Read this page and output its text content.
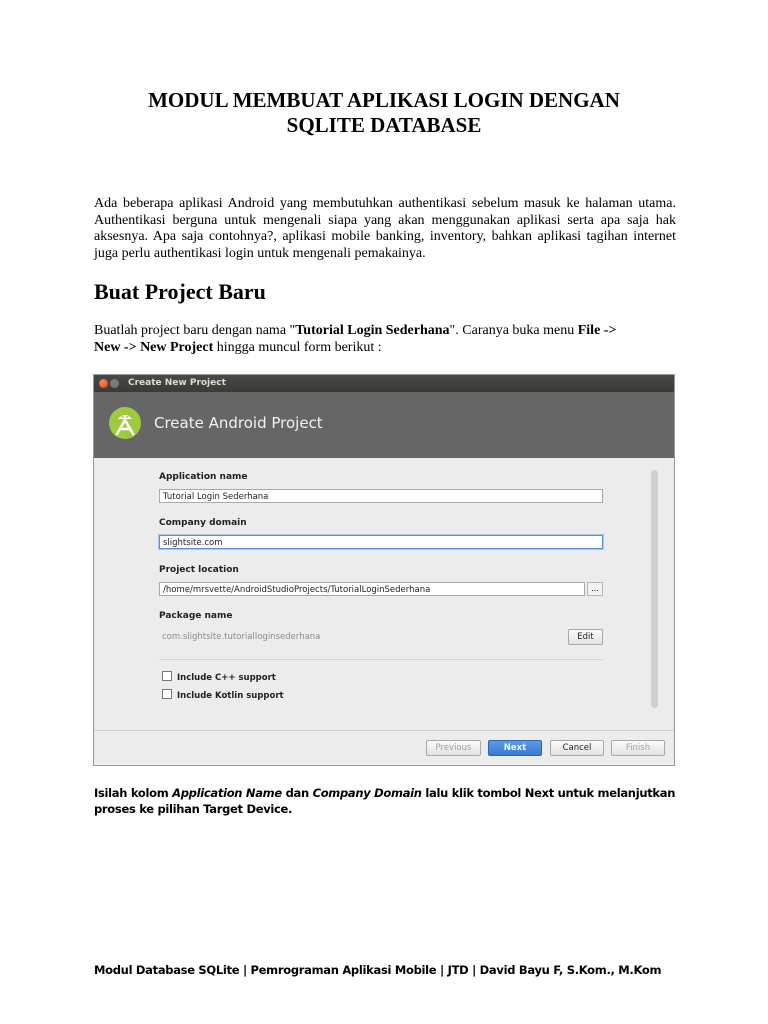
MODUL MEMBUAT APLIKASI LOGIN DENGAN
SQLITE DATABASE
Ada beberapa aplikasi Android yang membutuhkan authentikasi sebelum masuk ke halaman utama. Authentikasi berguna untuk mengenali siapa yang akan menggunakan aplikasi serta apa saja hak aksesnya. Apa saja contohnya?, aplikasi mobile banking, inventory, bahkan aplikasi tagihan internet juga perlu authentikasi login untuk mengenali pemakainya.
Buat Project Baru
Buatlah project baru dengan nama "Tutorial Login Sederhana". Caranya buka menu File ->
New -> New Project hingga muncul form berikut :
Create New Project
Create Android Project
Application name
Tutorial Login Sederhana
Company domain
slightsite.com
Project location
/home/mrsvette/AndroidStudioProjects/TutorialLoginSederhana	...
Package name
com.slightsite.tutorialloginsederhana	Edit
Include C++ support
Include Kotlin support
Previous	Next	Cancel	Finish
Isilah kolom Application Name dan Company Domain lalu klik tombol Next untuk melanjutkan
proses ke pilihan Target Device.
Modul Database SQLite | Pemrograman Aplikasi Mobile | JTD | David Bayu F, S.Kom., M.Kom
